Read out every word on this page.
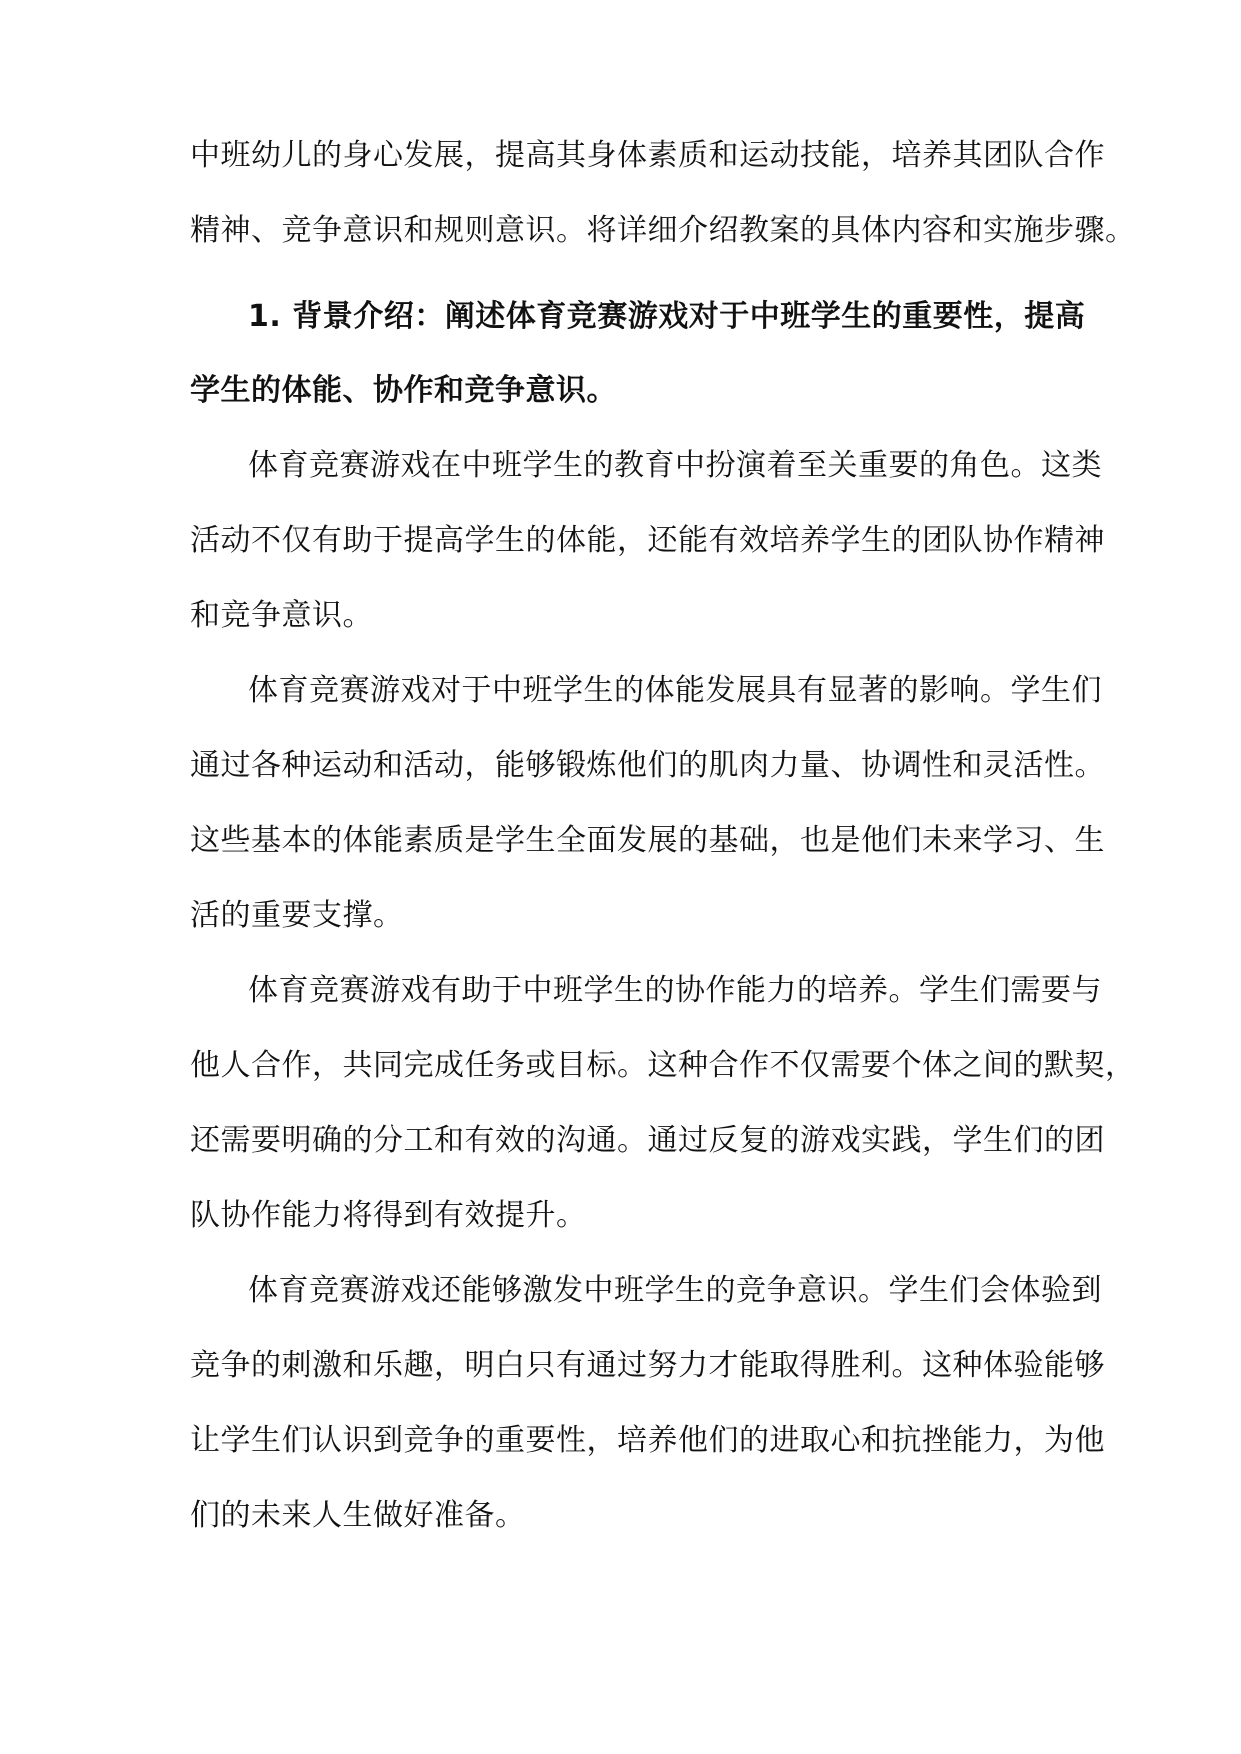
中班幼儿的身心发展，提高其身体素质和运动技能，培养其团队合作
精神、竞争意识和规则意识。将详细介绍教案的具体内容和实施步骤。
1. 背景介绍：阐述体育竞赛游戏对于中班学生的重要性，提高
学生的体能、协作和竞争意识。
体育竞赛游戏在中班学生的教育中扮演着至关重要的角色。这类
活动不仅有助于提高学生的体能，还能有效培养学生的团队协作精神
和竞争意识。
体育竞赛游戏对于中班学生的体能发展具有显著的影响。学生们
通过各种运动和活动，能够锻炼他们的肌肉力量、协调性和灵活性。
这些基本的体能素质是学生全面发展的基础，也是他们未来学习、生
活的重要支撑。
体育竞赛游戏有助于中班学生的协作能力的培养。学生们需要与
他人合作，共同完成任务或目标。这种合作不仅需要个体之间的默契，
还需要明确的分工和有效的沟通。通过反复的游戏实践，学生们的团
队协作能力将得到有效提升。
体育竞赛游戏还能够激发中班学生的竞争意识。学生们会体验到
竞争的刺激和乐趣，明白只有通过努力才能取得胜利。这种体验能够
让学生们认识到竞争的重要性，培养他们的进取心和抗挫能力，为他
们的未来人生做好准备。
